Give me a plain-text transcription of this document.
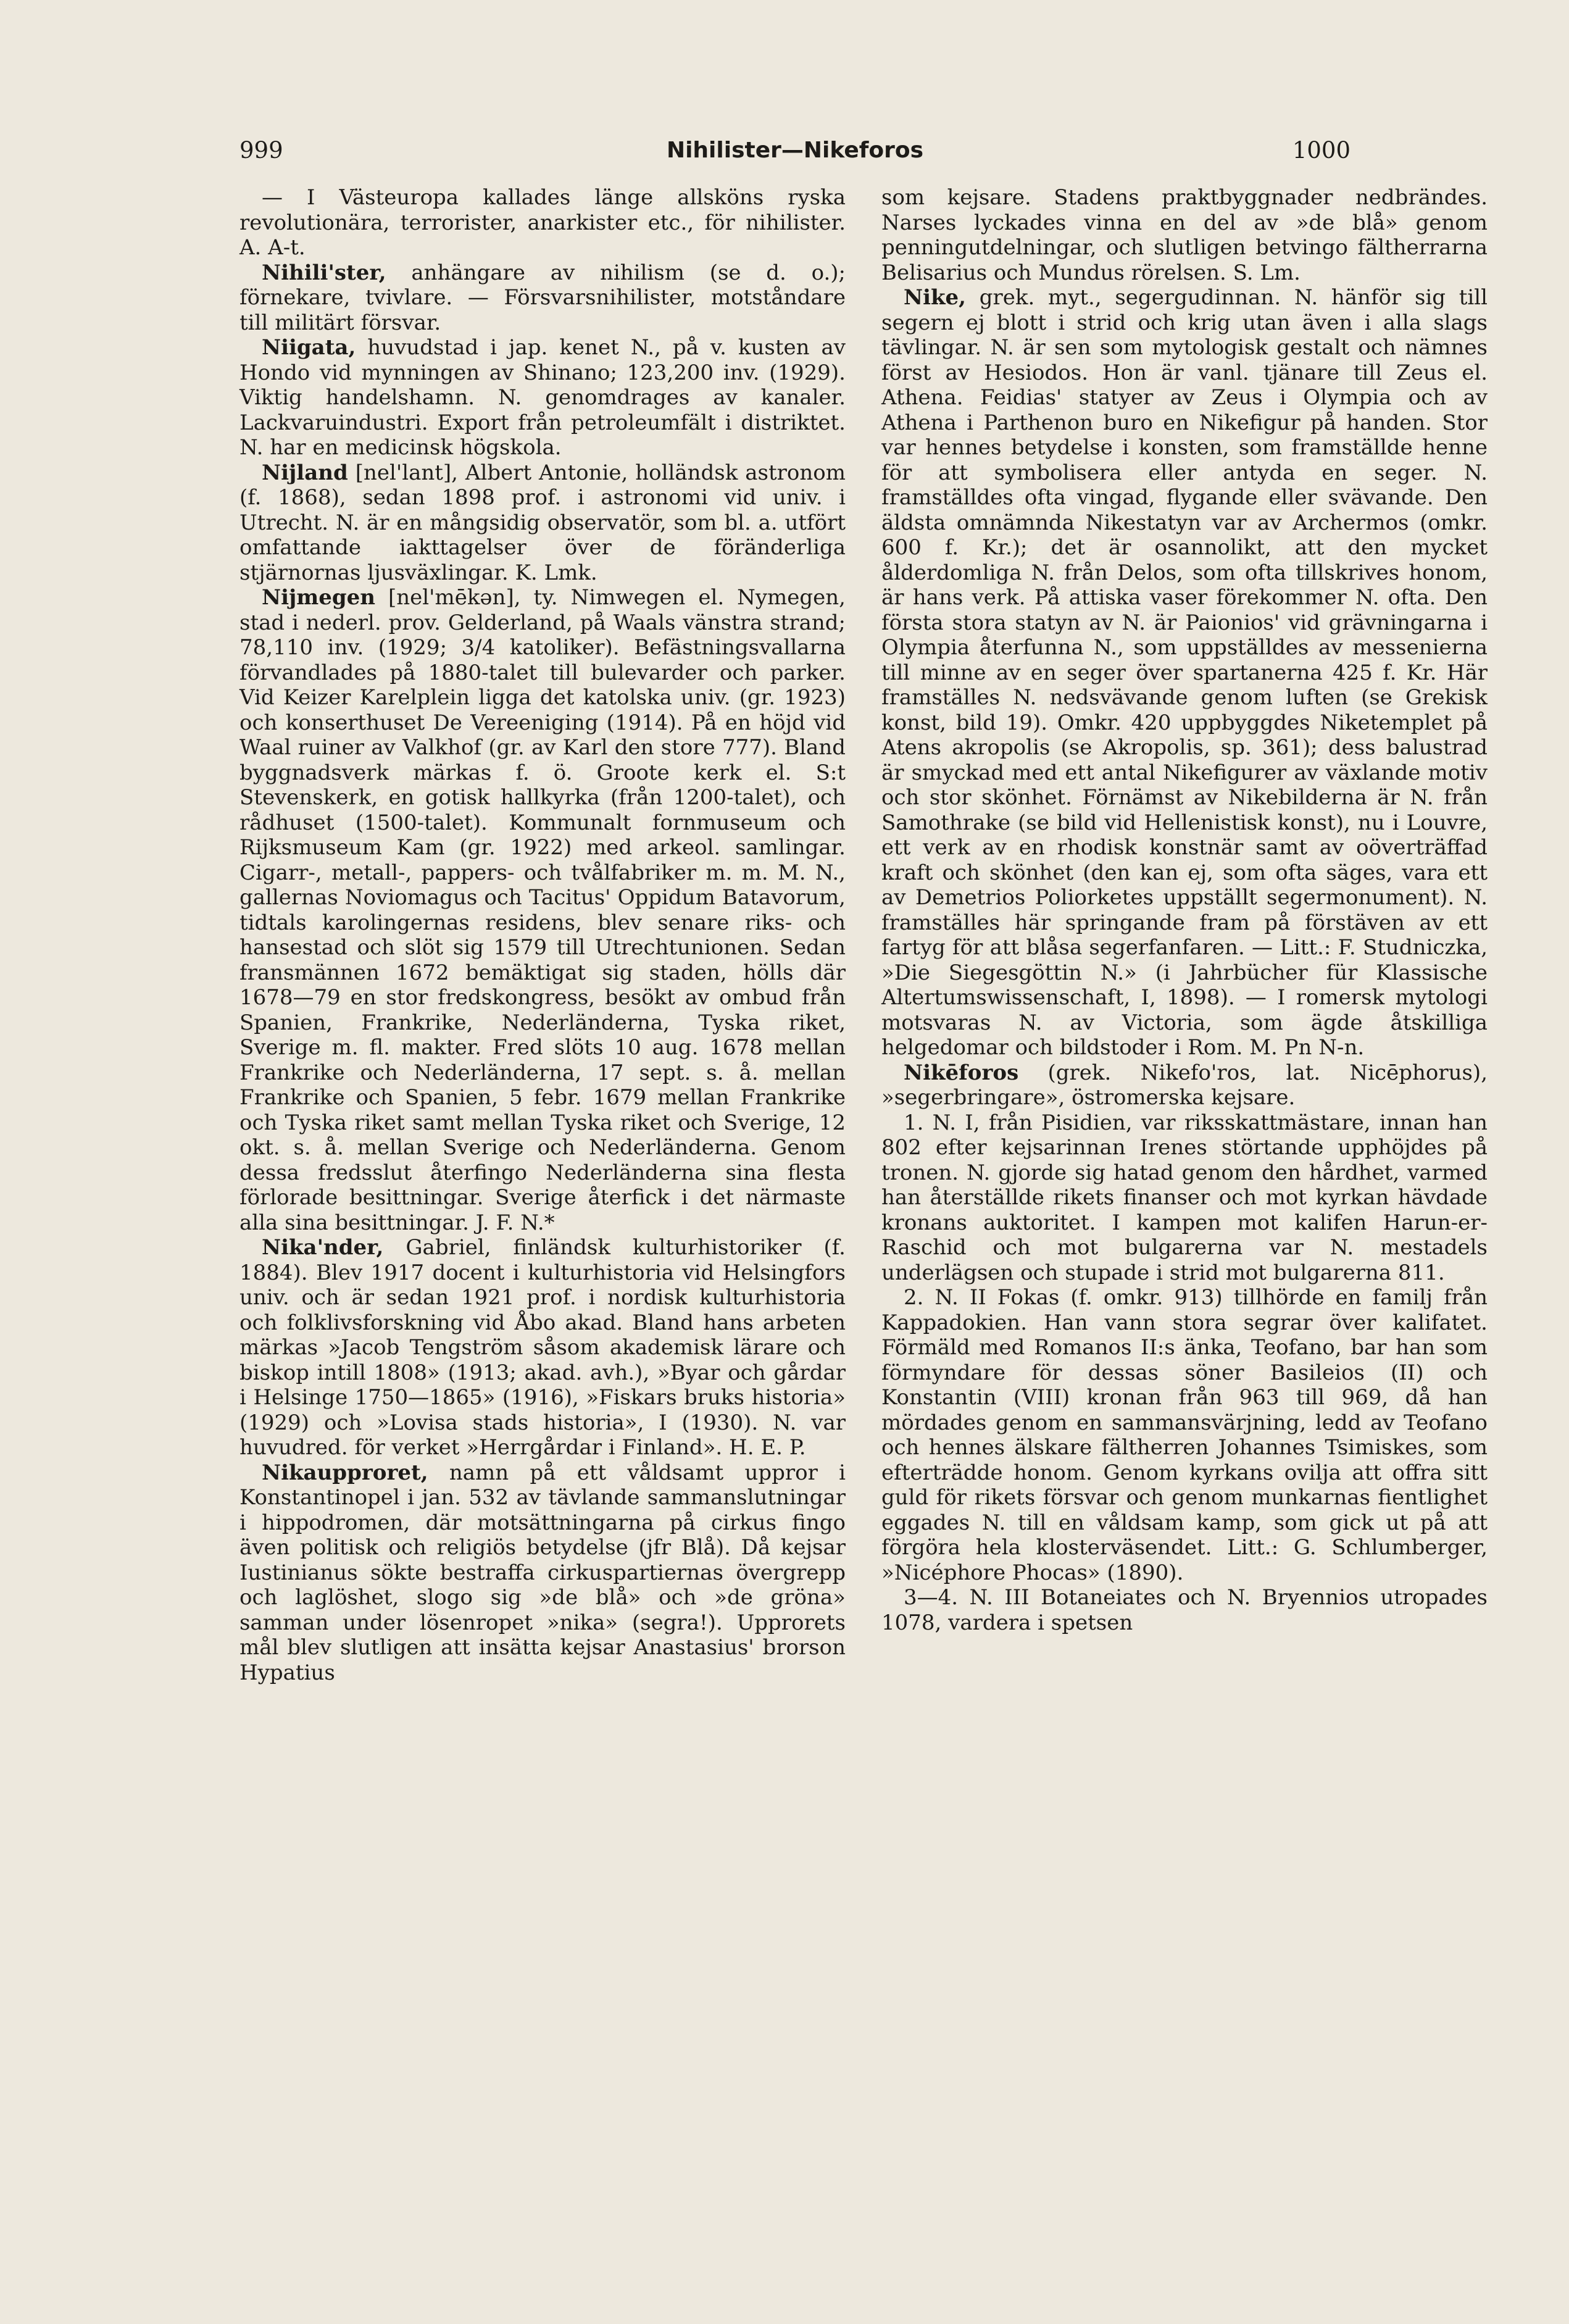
999	Nihilister—Nikeforos	1000

— I Västeuropa kallades länge allsköns ryska revolutionära, terrorister, anarkister etc., för nihilister. A. A-t.

Nihili'ster, anhängare av nihilism (se d. o.); förnekare, tvivlare. — Försvarsnihilister, motståndare till militärt försvar.

Niigata, huvudstad i jap. kenet N., på v. kusten av Hondo vid mynningen av Shinano; 123,200 inv. (1929). Viktig handelshamn. N. genomdrages av kanaler. Lackvaruindustri. Export från petroleumfält i distriktet. N. har en medicinsk högskola.

Nijland [nel'lant], Albert Antonie, holländsk astronom (f. 1868), sedan 1898 prof. i astronomi vid univ. i Utrecht. N. är en mångsidig observatör, som bl. a. utfört omfattande iakttagelser över de föränderliga stjärnornas ljusväxlingar. K. Lmk.

Nijmegen [nel'mēkən], ty. Nimwegen el. Nymegen, stad i nederl. prov. Gelderland, på Waals vänstra strand; 78,110 inv. (1929; 3/4 katoliker). Befästningsvallarna förvandlades på 1880-talet till bulevarder och parker. Vid Keizer Karelplein ligga det katolska univ. (gr. 1923) och konserthuset De Vereeniging (1914). På en höjd vid Waal ruiner av Valkhof (gr. av Karl den store 777). Bland byggnadsverk märkas f. ö. Groote kerk el. S:t Stevenskerk, en gotisk hallkyrka (från 1200-talet), och rådhuset (1500-talet). Kommunalt fornmuseum och Rijksmuseum Kam (gr. 1922) med arkeol. samlingar. Cigarr-, metall-, pappers- och tvålfabriker m. m. M. N., gallernas Noviomagus och Tacitus' Oppidum Batavorum, tidtals karolingernas residens, blev senare riks- och hansestad och slöt sig 1579 till Utrechtunionen. Sedan fransmännen 1672 bemäktigat sig staden, hölls där 1678—79 en stor fredskongress, besökt av ombud från Spanien, Frankrike, Nederländerna, Tyska riket, Sverige m. fl. makter. Fred slöts 10 aug. 1678 mellan Frankrike och Nederländerna, 17 sept. s. å. mellan Frankrike och Spanien, 5 febr. 1679 mellan Frankrike och Tyska riket samt mellan Tyska riket och Sverige, 12 okt. s. å. mellan Sverige och Nederländerna. Genom dessa fredsslut återfingo Nederländerna sina flesta förlorade besittningar. Sverige återfick i det närmaste alla sina besittningar. J. F. N.*

Nika'nder, Gabriel, finländsk kulturhistoriker (f. 1884). Blev 1917 docent i kulturhistoria vid Helsingfors univ. och är sedan 1921 prof. i nordisk kulturhistoria och folklivsforskning vid Åbo akad. Bland hans arbeten märkas »Jacob Tengström såsom akademisk lärare och biskop intill 1808» (1913; akad. avh.), »Byar och gårdar i Helsinge 1750—1865» (1916), »Fiskars bruks historia» (1929) och »Lovisa stads historia», I (1930). N. var huvudred. för verket »Herrgårdar i Finland». H. E. P.

Nikaupproret, namn på ett våldsamt uppror i Konstantinopel i jan. 532 av tävlande sammanslutningar i hippodromen, där motsättningarna på cirkus fingo även politisk och religiös betydelse (jfr Blå). Då kejsar Iustinianus sökte bestraffa cirkuspartiernas övergrepp och laglöshet, slogo sig »de blå» och »de gröna» samman under lösenropet »nika» (segra!). Upprorets mål blev slutligen att insätta kejsar Anastasius' brorson Hypatius

som kejsare. Stadens praktbyggnader nedbrändes. Narses lyckades vinna en del av »de blå» genom penningutdelningar, och slutligen betvingo fältherrarna Belisarius och Mundus rörelsen. S. Lm.

Nike, grek. myt., segergudinnan. N. hänför sig till segern ej blott i strid och krig utan även i alla slags tävlingar. N. är sen som mytologisk gestalt och nämnes först av Hesiodos. Hon är vanl. tjänare till Zeus el. Athena. Feidias' statyer av Zeus i Olympia och av Athena i Parthenon buro en Nikefigur på handen. Stor var hennes betydelse i konsten, som framställde henne för att symbolisera eller antyda en seger. N. framställdes ofta vingad, flygande eller svävande. Den äldsta omnämnda Nikestatyn var av Archermos (omkr. 600 f. Kr.); det är osannolikt, att den mycket ålderdomliga N. från Delos, som ofta tillskrives honom, är hans verk. På attiska vaser förekommer N. ofta. Den första stora statyn av N. är Paionios' vid grävningarna i Olympia återfunna N., som uppställdes av messenierna till minne av en seger över spartanerna 425 f. Kr. Här framställes N. nedsvävande genom luften (se Grekisk konst, bild 19). Omkr. 420 uppbyggdes Niketemplet på Atens akropolis (se Akropolis, sp. 361); dess balustrad är smyckad med ett antal Nikefigurer av växlande motiv och stor skönhet. Förnämst av Nikebilderna är N. från Samothrake (se bild vid Hellenistisk konst), nu i Louvre, ett verk av en rhodisk konstnär samt av oöverträffad kraft och skönhet (den kan ej, som ofta säges, vara ett av Demetrios Poliorketes uppställt segermonument). N. framställes här springande fram på förstäven av ett fartyg för att blåsa segerfanfaren. — Litt.: F. Studniczka, »Die Siegesgöttin N.» (i Jahrbücher für Klassische Altertumswissenschaft, I, 1898). — I romersk mytologi motsvaras N. av Victoria, som ägde åtskilliga helgedomar och bildstoder i Rom. M. Pn N-n.

Nikēforos (grek. Nikefo'ros, lat. Nicēphorus), »segerbringare», östromerska kejsare.

1. N. I, från Pisidien, var riksskattmästare, innan han 802 efter kejsarinnan Irenes störtande upphöjdes på tronen. N. gjorde sig hatad genom den hårdhet, varmed han återställde rikets finanser och mot kyrkan hävdade kronans auktoritet. I kampen mot kalifen Harun-er-Raschid och mot bulgarerna var N. mestadels underlägsen och stupade i strid mot bulgarerna 811.

2. N. II Fokas (f. omkr. 913) tillhörde en familj från Kappadokien. Han vann stora segrar över kalifatet. Förmäld med Romanos II:s änka, Teofano, bar han som förmyndare för dessas söner Basileios (II) och Konstantin (VIII) kronan från 963 till 969, då han mördades genom en sammansvärjning, ledd av Teofano och hennes älskare fältherren Johannes Tsimiskes, som efterträdde honom. Genom kyrkans ovilja att offra sitt guld för rikets försvar och genom munkarnas fientlighet eggades N. till en våldsam kamp, som gick ut på att förgöra hela klosterväsendet. Litt.: G. Schlumberger, »Nicéphore Phocas» (1890).

3—4. N. III Botaneiates och N. Bryennios utropades 1078, vardera i spetsen
